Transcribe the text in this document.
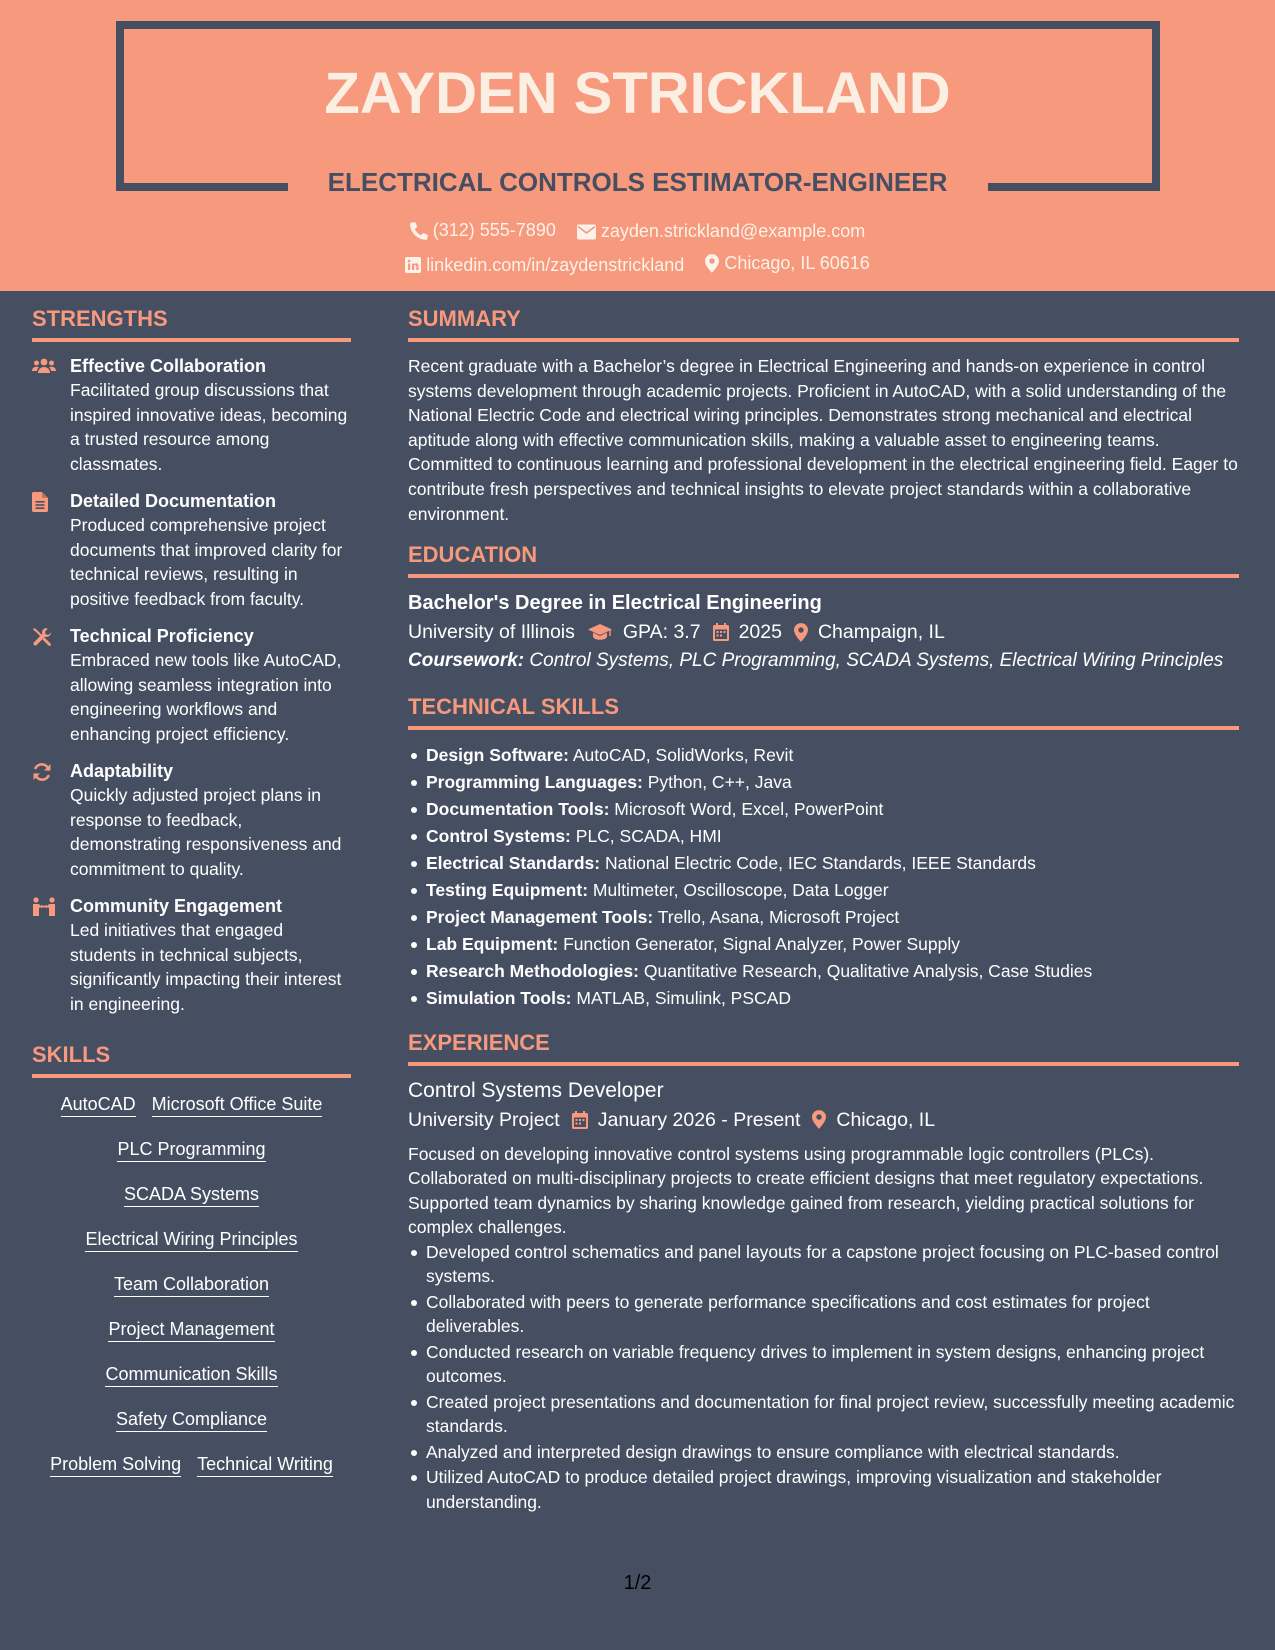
ZAYDEN STRICKLAND
ELECTRICAL CONTROLS ESTIMATOR-ENGINEER
(312) 555-7890
	zayden.strickland@example.com
linkedin.com/in/zaydenstrickland
Chicago, IL 60616
STRENGTHS
Effective Collaboration
Facilitated group discussions that inspired innovative ideas, becoming a trusted resource among classmates.
Detailed Documentation
Produced comprehensive project documents that improved clarity for technical reviews, resulting in positive feedback from faculty.
Technical Proficiency
Embraced new tools like AutoCAD, allowing seamless integration into engineering workflows and enhancing project efficiency.
Adaptability
Quickly adjusted project plans in response to feedback, demonstrating responsiveness and commitment to quality.
Community Engagement
Led initiatives that engaged students in technical subjects, significantly impacting their interest in engineering.
SKILLS
AutoCAD Microsoft Office Suite
PLC Programming
SCADA Systems
Electrical Wiring Principles
Team Collaboration
Project Management
Communication Skills
Safety Compliance
Problem Solving Technical Writing
SUMMARY
Recent graduate with a Bachelor’s degree in Electrical Engineering and hands-on experience in control systems development through academic projects. Proficient in AutoCAD, with a solid understanding of the National Electric Code and electrical wiring principles. Demonstrates strong mechanical and electrical aptitude along with effective communication skills, making a valuable asset to engineering teams. Committed to continuous learning and professional development in the electrical engineering field. Eager to contribute fresh perspectives and technical insights to elevate project standards within a collaborative environment.
EDUCATION
Bachelor's Degree in Electrical Engineering
University of Illinois GPA: 3.7 2025 Champaign, IL
Coursework: Control Systems, PLC Programming, SCADA Systems, Electrical Wiring Principles
TECHNICAL SKILLS
Design Software: AutoCAD, SolidWorks, Revit
Programming Languages: Python, C++, Java
Documentation Tools: Microsoft Word, Excel, PowerPoint
Control Systems: PLC, SCADA, HMI
Electrical Standards: National Electric Code, IEC Standards, IEEE Standards
Testing Equipment: Multimeter, Oscilloscope, Data Logger
Project Management Tools: Trello, Asana, Microsoft Project
Lab Equipment: Function Generator, Signal Analyzer, Power Supply
Research Methodologies: Quantitative Research, Qualitative Analysis, Case Studies
Simulation Tools: MATLAB, Simulink, PSCAD
EXPERIENCE
Control Systems Developer
University Project January 2026 - Present Chicago, IL
Focused on developing innovative control systems using programmable logic controllers (PLCs). Collaborated on multi-disciplinary projects to create efficient designs that meet regulatory expectations. Supported team dynamics by sharing knowledge gained from research, yielding practical solutions for complex challenges.
Developed control schematics and panel layouts for a capstone project focusing on PLC-based control systems.
Collaborated with peers to generate performance specifications and cost estimates for project deliverables.
Conducted research on variable frequency drives to implement in system designs, enhancing project outcomes.
Created project presentations and documentation for final project review, successfully meeting academic standards.
Analyzed and interpreted design drawings to ensure compliance with electrical standards.
Utilized AutoCAD to produce detailed project drawings, improving visualization and stakeholder understanding.
1/2
